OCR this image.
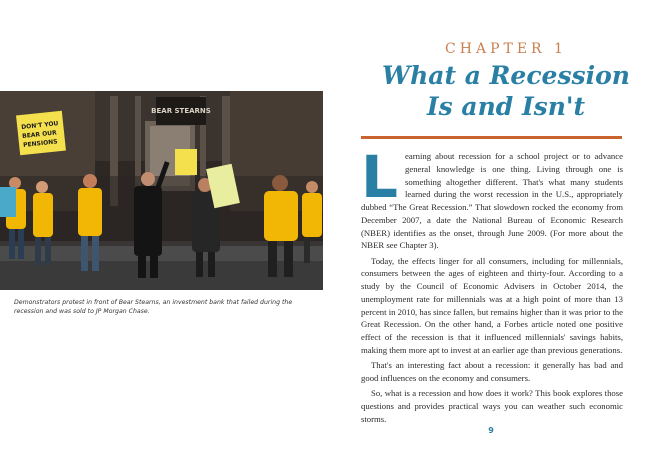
BEAR STEARNS
DON'T YOU
BEAR OUR
PENSIONS

Demonstrators protest in front of Bear Stearns, an investment bank that failed during the recession and was sold to JP Morgan Chase.

CHAPTER 1
What a Recession
Is and Isn't

Learning about recession for a school project or to advance general knowledge is one thing. Living through one is something altogether different. That's what many students learned during the worst recession in the U.S., appropriately dubbed “The Great Recession.” That slowdown rocked the economy from December 2007, a date the National Bureau of Economic Research (NBER) identifies as the onset, through June 2009. (For more about the NBER see Chapter 3).

Today, the effects linger for all consumers, including for millennials, consumers between the ages of eighteen and thirty-four. According to a study by the Council of Economic Advisers in October 2014, the unemployment rate for millennials was at a high point of more than 13 percent in 2010, has since fallen, but remains higher than it was prior to the Great Recession. On the other hand, a Forbes article noted one positive effect of the recession is that it influenced millennials' savings habits, making them more apt to invest at an earlier age than previous generations.

That's an interesting fact about a recession: it generally has bad and good influences on the economy and consumers.

So, what is a recession and how does it work? This book explores those questions and provides practical ways you can weather such economic storms.

9
